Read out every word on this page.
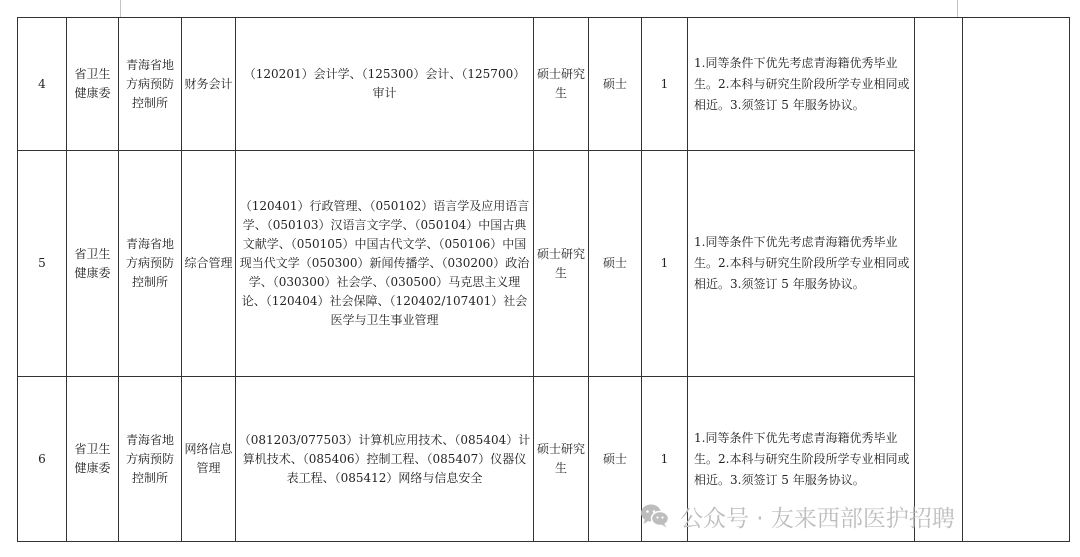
4	省卫生健康委	青海省地方病预防控制所	财务会计	（120201）会计学、（125300）会计、（125700）审计	硕士研究生	硕士	1	1.同等条件下优先考虑青海籍优秀毕业生。2.本科与研究生阶段所学专业相同或相近。3.须签订 5 年服务协议。		
5	省卫生健康委	青海省地方病预防控制所	综合管理	（120401）行政管理、（050102）语言学及应用语言学、（050103）汉语言文字学、（050104）中国古典文献学、（050105）中国古代文学、（050106）中国现当代文学（050300）新闻传播学、（030200）政治学、（030300）社会学、（030500）马克思主义理论、（120404）社会保障、（120402/107401）社会医学与卫生事业管理	硕士研究生	硕士	1	1.同等条件下优先考虑青海籍优秀毕业生。2.本科与研究生阶段所学专业相同或相近。3.须签订 5 年服务协议。		
6	省卫生健康委	青海省地方病预防控制所	网络信息管理	（081203/077503）计算机应用技术、（085404）计算机技术、（085406）控制工程、（085407）仪器仪表工程、（085412）网络与信息安全	硕士研究生	硕士	1	1.同等条件下优先考虑青海籍优秀毕业生。2.本科与研究生阶段所学专业相同或相近。3.须签订 5 年服务协议。		
公众号 · 友来西部医护招聘
